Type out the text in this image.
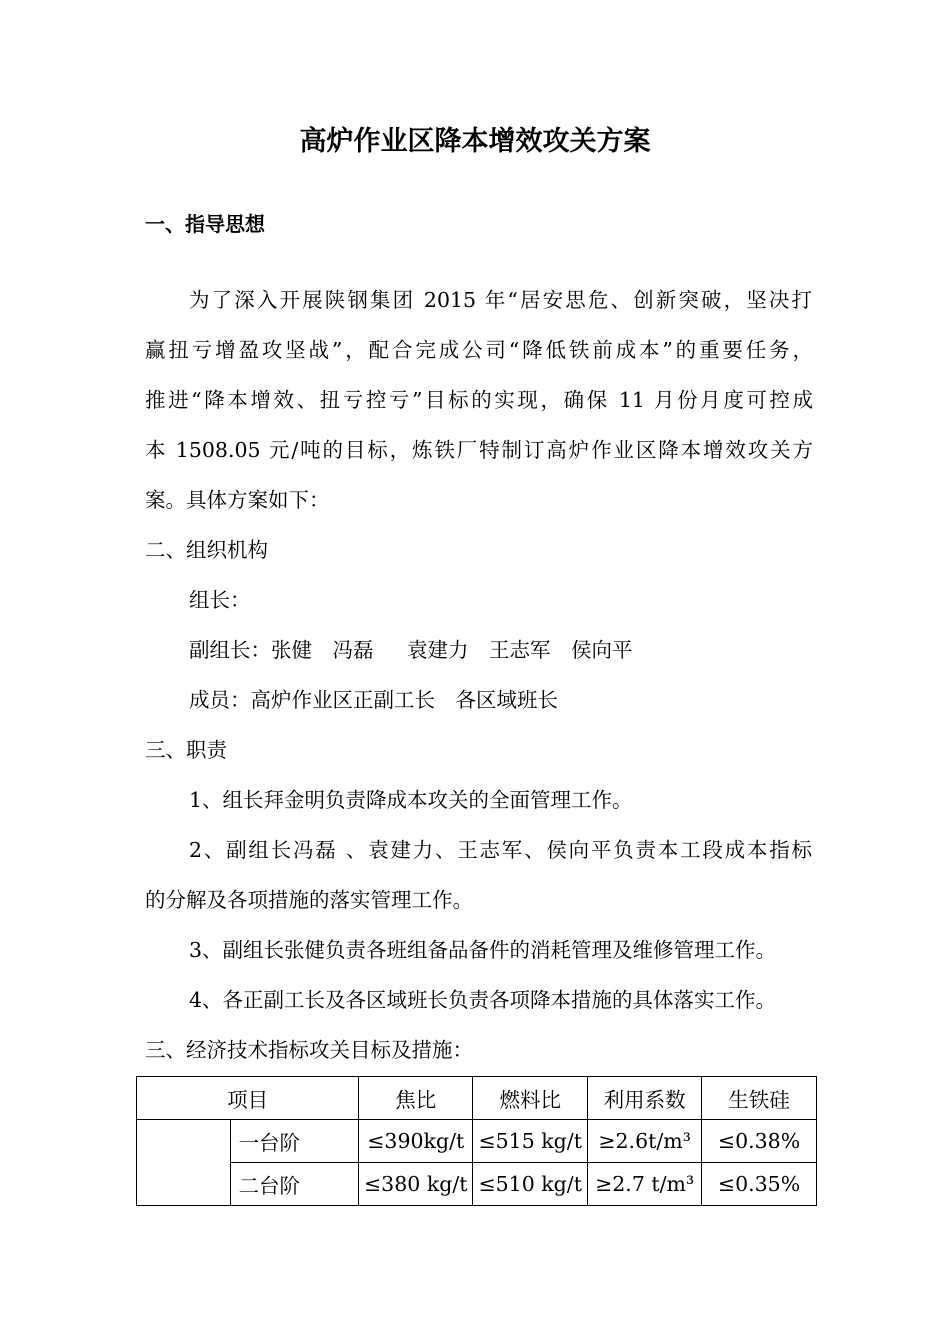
高炉作业区降本增效攻关方案
一、指导思想
为了深入开展陕钢集团 2015 年“居安思危、创新突破，坚决打
赢扭亏增盈攻坚战”，配合完成公司“降低铁前成本”的重要任务，
推进“降本增效、扭亏控亏”目标的实现，确保 11 月份月度可控成
本 1508.05 元/吨的目标，炼铁厂特制订高炉作业区降本增效攻关方
案。具体方案如下：
二、组织机构
组长：
副组长：张健　冯磊　  袁建力　王志军　侯向平
成员：高炉作业区正副工长　各区域班长
三、职责
1、组长拜金明负责降成本攻关的全面管理工作。
2、副组长冯磊 、袁建力、王志军、侯向平负责本工段成本指标
的分解及各项措施的落实管理工作。
3、副组长张健负责各班组备品备件的消耗管理及维修管理工作。
4、各正副工长及各区域班长负责各项降本措施的具体落实工作。
三、经济技术指标攻关目标及措施：
项目		焦比	燃料比	利用系数	生铁硅
	一台阶	≤390kg/t	≤515 kg/t	≥2.6t/m³	≤0.38%
	二台阶	≤380 kg/t	≤510 kg/t	≥2.7 t/m³	≤0.35%
